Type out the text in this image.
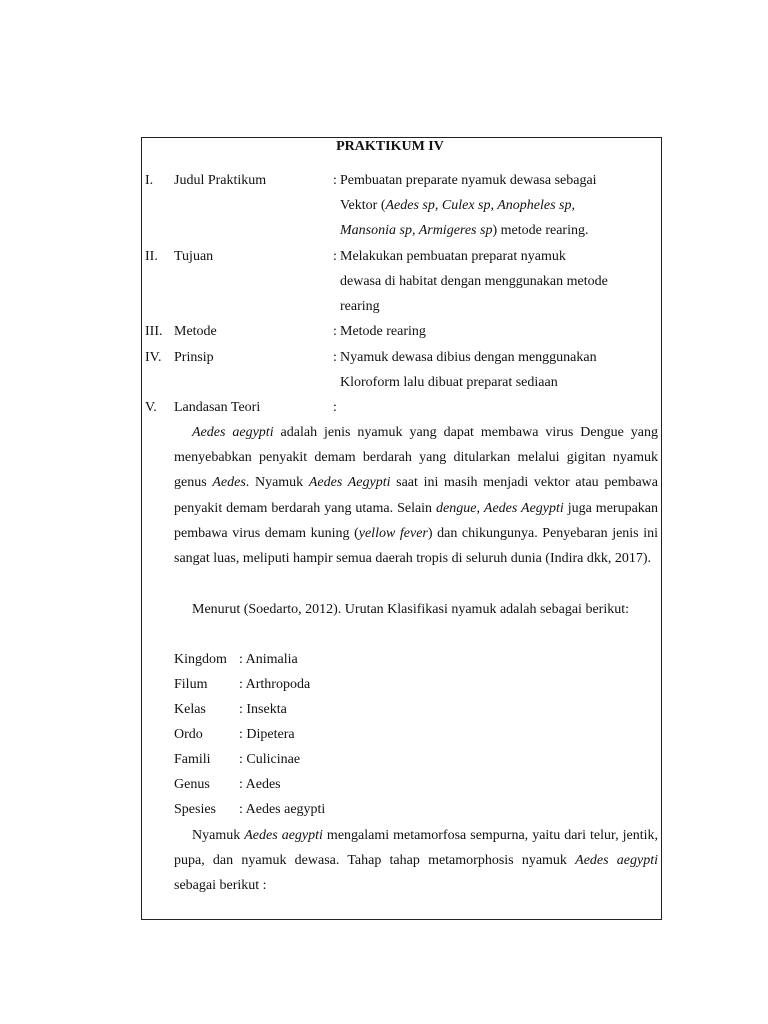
PRAKTIKUM IV
I. Judul Praktikum	: Pembuatan preparate nyamuk dewasa sebagai
Vektor (Aedes sp, Culex sp, Anopheles sp,
Mansonia sp, Armigeres sp) metode rearing.
II. Tujuan	: Melakukan pembuatan preparat nyamuk
dewasa di habitat dengan menggunakan metode
rearing
III. Metode	: Metode rearing
IV. Prinsip	: Nyamuk dewasa dibius dengan menggunakan
Kloroform lalu dibuat preparat sediaan
V. Landasan Teori	:
Aedes aegypti adalah jenis nyamuk yang dapat membawa virus Dengue yang menyebabkan penyakit demam berdarah yang ditularkan melalui gigitan nyamuk genus Aedes. Nyamuk Aedes Aegypti saat ini masih menjadi vektor atau pembawa penyakit demam berdarah yang utama. Selain dengue, Aedes Aegypti juga merupakan pembawa virus demam kuning (yellow fever) dan chikungunya. Penyebaran jenis ini sangat luas, meliputi hampir semua daerah tropis di seluruh dunia (Indira dkk, 2017).
Menurut (Soedarto, 2012). Urutan Klasifikasi nyamuk adalah sebagai berikut:
Kingdom : Animalia
Filum : Arthropoda
Kelas : Insekta
Ordo	: Dipetera
Famili : Culicinae
Genus : Aedes
Spesies : Aedes aegypti
Nyamuk Aedes aegypti mengalami metamorfosa sempurna, yaitu dari telur, jentik, pupa, dan nyamuk dewasa. Tahap tahap metamorphosis nyamuk Aedes aegypti sebagai berikut :
